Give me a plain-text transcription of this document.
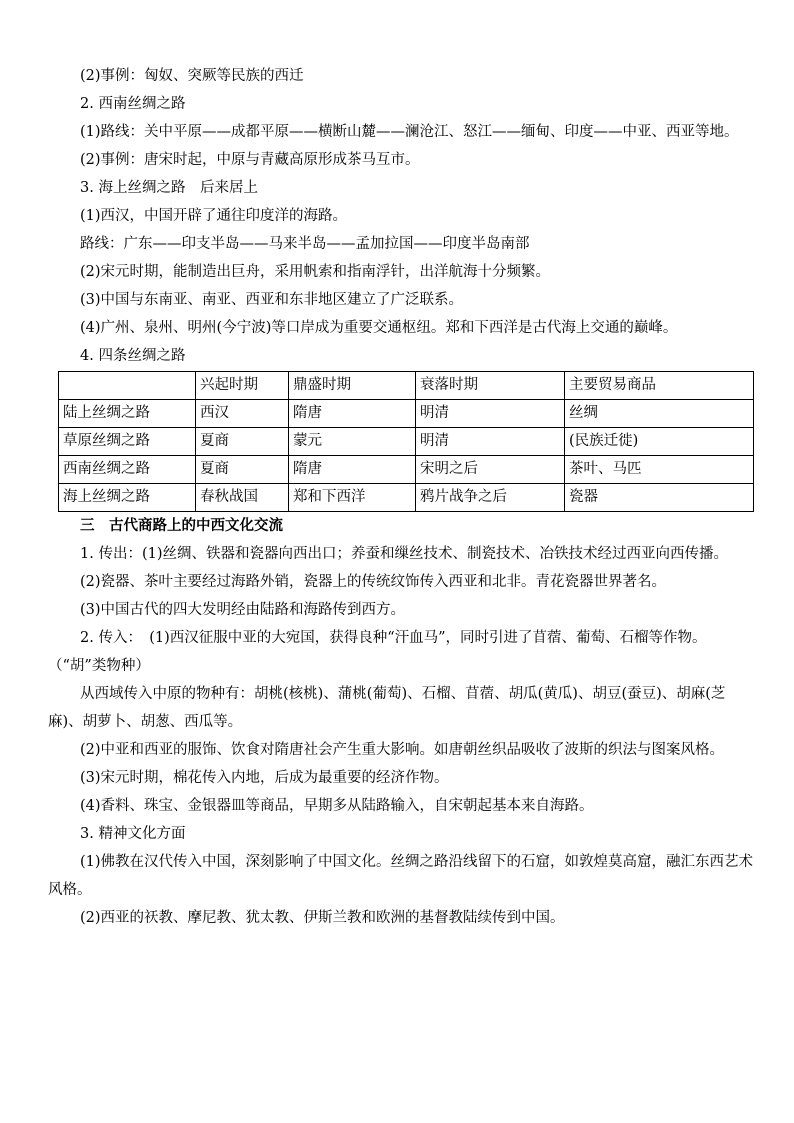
(2)事例：匈奴、突厥等民族的西迁

2. 西南丝绸之路

(1)路线：关中平原——成都平原——横断山麓——澜沧江、怒江——缅甸、印度——中亚、西亚等地。

(2)事例：唐宋时起，中原与青藏高原形成茶马互市。

3. 海上丝绸之路　后来居上

(1)西汉，中国开辟了通往印度洋的海路。

路线：广东——印支半岛——马来半岛——孟加拉国——印度半岛南部

(2)宋元时期，能制造出巨舟，采用帆索和指南浮针，出洋航海十分频繁。

(3)中国与东南亚、南亚、西亚和东非地区建立了广泛联系。

(4)广州、泉州、明州(今宁波)等口岸成为重要交通枢纽。郑和下西洋是古代海上交通的巅峰。

4. 四条丝绸之路

	兴起时期	鼎盛时期	衰落时期	主要贸易商品
陆上丝绸之路	西汉	隋唐	明清	丝绸
草原丝绸之路	夏商	蒙元	明清	(民族迁徙)
西南丝绸之路	夏商	隋唐	宋明之后	茶叶、马匹
海上丝绸之路	春秋战国	郑和下西洋	鸦片战争之后	瓷器

三　古代商路上的中西文化交流

1. 传出：(1)丝绸、铁器和瓷器向西出口；养蚕和缫丝技术、制瓷技术、冶铁技术经过西亚向西传播。

(2)瓷器、茶叶主要经过海路外销，瓷器上的传统纹饰传入西亚和北非。青花瓷器世界著名。

(3)中国古代的四大发明经由陆路和海路传到西方。

2. 传入：　(1)西汉征服中亚的大宛国，获得良种“汗血马”，同时引进了苜蓿、葡萄、石榴等作物。（“胡”类物种）

从西域传入中原的物种有：胡桃(核桃)、蒲桃(葡萄)、石榴、苜蓿、胡瓜(黄瓜)、胡豆(蚕豆)、胡麻(芝麻)、胡萝卜、胡葱、西瓜等。

(2)中亚和西亚的服饰、饮食对隋唐社会产生重大影响。如唐朝丝织品吸收了波斯的织法与图案风格。

(3)宋元时期，棉花传入内地，后成为最重要的经济作物。

(4)香料、珠宝、金银器皿等商品，早期多从陆路输入，自宋朝起基本来自海路。

3. 精神文化方面

(1)佛教在汉代传入中国，深刻影响了中国文化。丝绸之路沿线留下的石窟，如敦煌莫高窟，融汇东西艺术风格。

(2)西亚的祆教、摩尼教、犹太教、伊斯兰教和欧洲的基督教陆续传到中国。
